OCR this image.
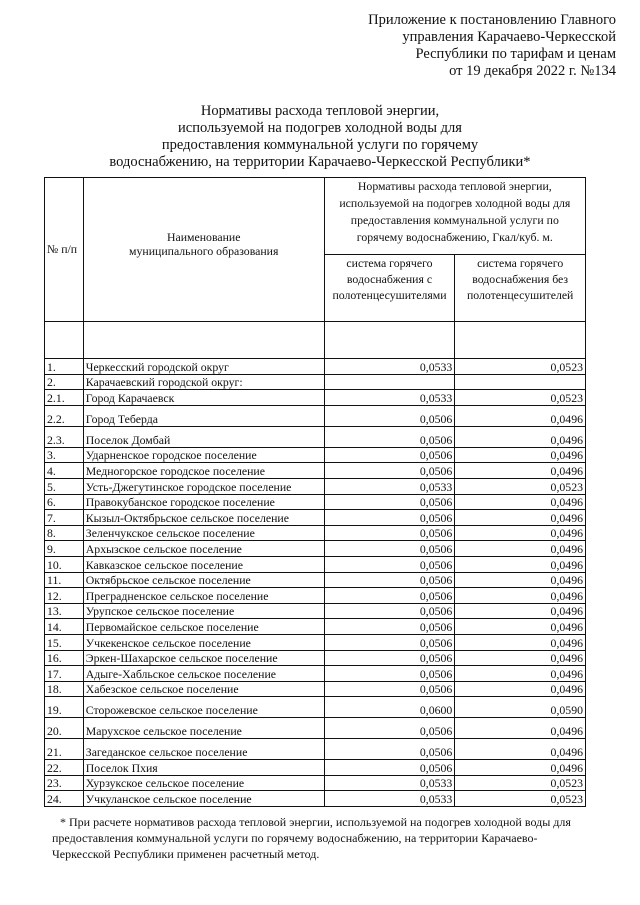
Приложение к постановлению Главного
управления Карачаево-Черкесской
Республики по тарифам и ценам
от 19 декабря 2022 г. №134
Нормативы расхода тепловой энергии,
используемой на подогрев холодной воды для
предоставления коммунальной услуги по горячему
водоснабжению, на территории Карачаево-Черкесской Республики*
№ п/п	Наименование муниципального образования	Нормативы расхода тепловой энергии, используемой на подогрев холодной воды для предоставления коммунальной услуги по горячему водоснабжению, Гкал/куб. м.	
		система горячего водоснабжения с полотенцесушителями	система горячего водоснабжения без полотенцесушителей

1.	Черкесский городской округ	0,0533	0,0523
2.	Карачаевский городской округ:		
2.1.	Город Карачаевск	0,0533	0,0523
2.2.	Город Теберда	0,0506	0,0496
2.3.	Поселок Домбай	0,0506	0,0496
3.	Ударненское городское поселение	0,0506	0,0496
4.	Медногорское городское поселение	0,0506	0,0496
5.	Усть-Джегутинское городское поселение	0,0533	0,0523
6.	Правокубанское городское поселение	0,0506	0,0496
7.	Кызыл-Октябрьское сельское поселение	0,0506	0,0496
8.	Зеленчукское сельское поселение	0,0506	0,0496
9.	Архызское сельское поселение	0,0506	0,0496
10.	Кавказское сельское поселение	0,0506	0,0496
11.	Октябрьское сельское поселение	0,0506	0,0496
12.	Преградненское сельское поселение	0,0506	0,0496
13.	Урупское сельское поселение	0,0506	0,0496
14.	Первомайское сельское поселение	0,0506	0,0496
15.	Учкекенское сельское поселение	0,0506	0,0496
16.	Эркен-Шахарское сельское поселение	0,0506	0,0496
17.	Адыге-Хабльское сельское поселение	0,0506	0,0496
18.	Хабезское сельское поселение	0,0506	0,0496
19.	Сторожевское сельское поселение	0,0600	0,0590
20.	Марухское сельское поселение	0,0506	0,0496
21.	Загеданское сельское поселение	0,0506	0,0496
22.	Поселок Пхия	0,0506	0,0496
23.	Хурзукское сельское поселение	0,0533	0,0523
24.	Учкуланское сельское поселение	0,0533	0,0523
* При расчете нормативов расхода тепловой энергии, используемой на подогрев холодной воды для предоставления коммунальной услуги по горячему водоснабжению, на территории Карачаево-Черкесской Республики применен расчетный метод.
